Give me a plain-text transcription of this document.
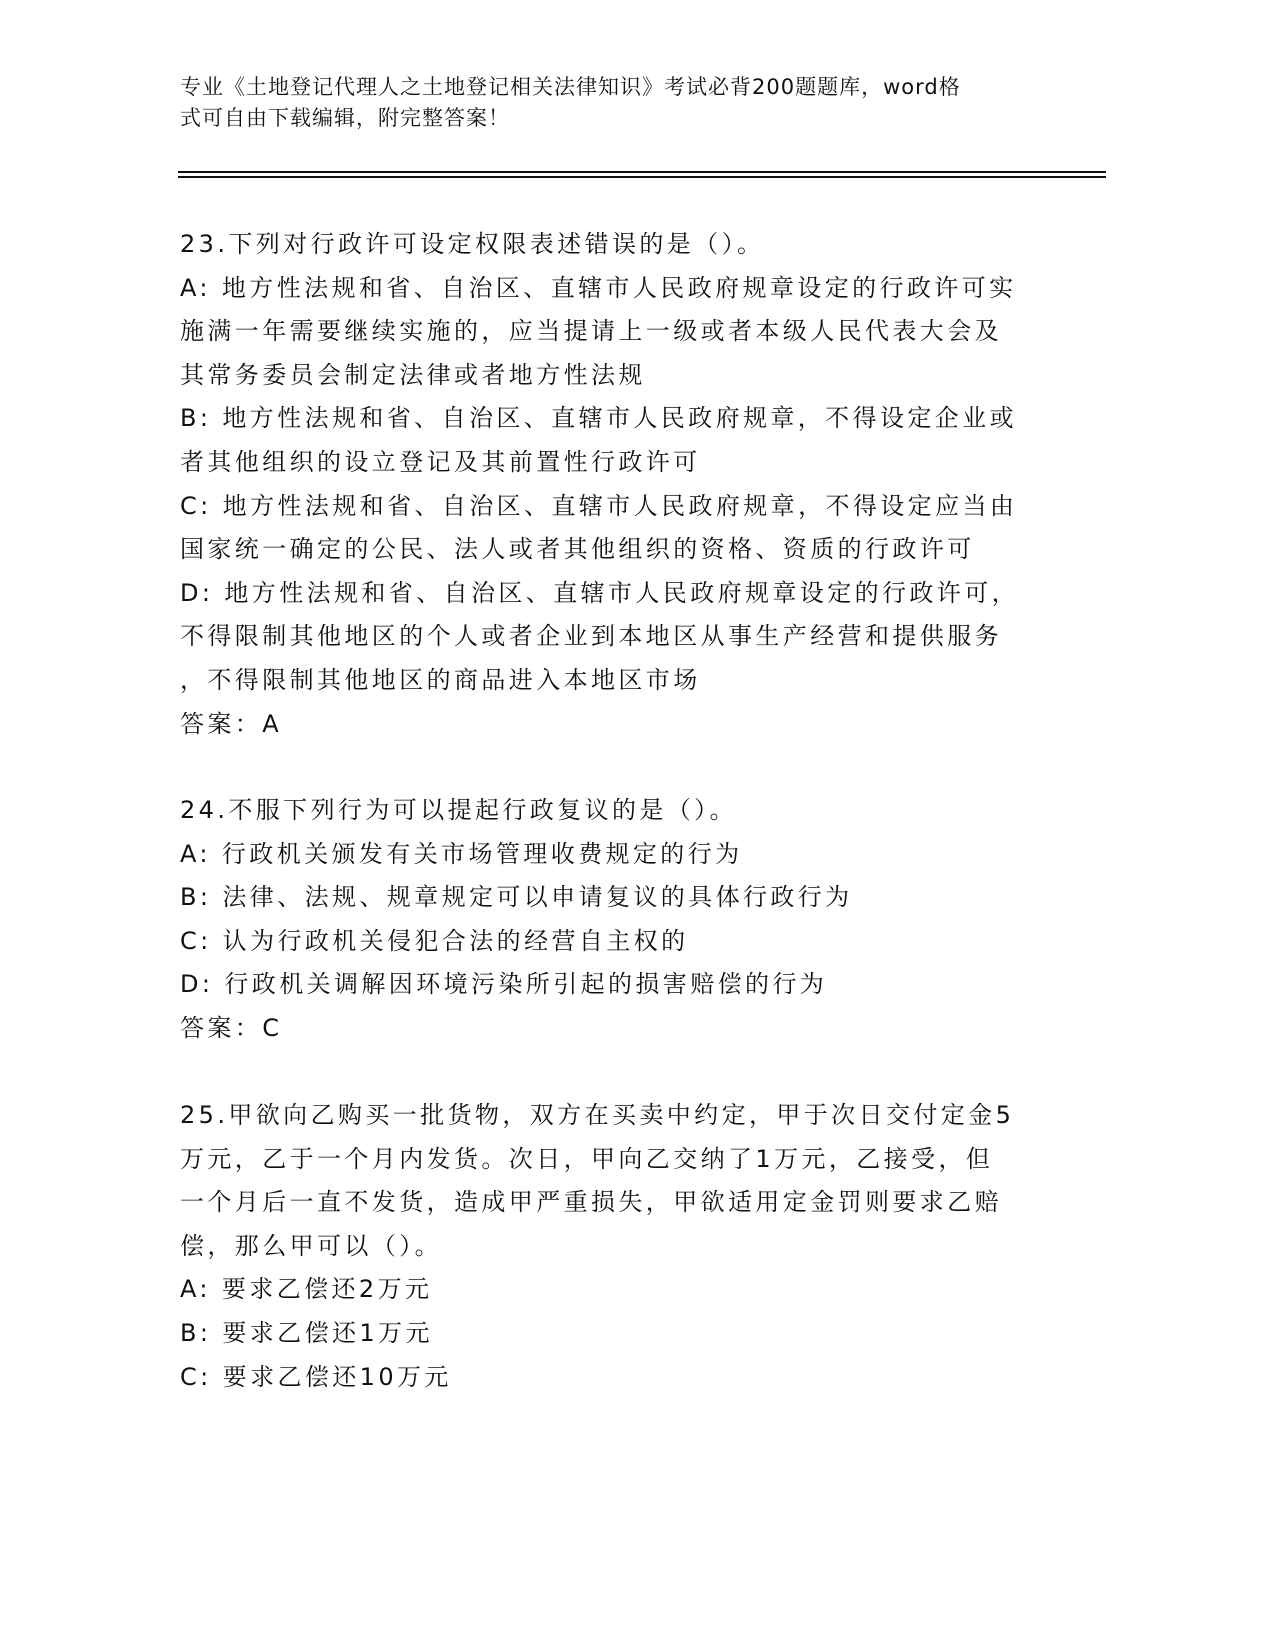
专业《土地登记代理人之土地登记相关法律知识》考试必背200题题库，word格
式可自由下载编辑，附完整答案！
23.下列对行政许可设定权限表述错误的是（）。
A: 地方性法规和省、自治区、直辖市人民政府规章设定的行政许可实
施满一年需要继续实施的，应当提请上一级或者本级人民代表大会及
其常务委员会制定法律或者地方性法规
B: 地方性法规和省、自治区、直辖市人民政府规章，不得设定企业或
者其他组织的设立登记及其前置性行政许可
C: 地方性法规和省、自治区、直辖市人民政府规章，不得设定应当由
国家统一确定的公民、法人或者其他组织的资格、资质的行政许可
D: 地方性法规和省、自治区、直辖市人民政府规章设定的行政许可，
不得限制其他地区的个人或者企业到本地区从事生产经营和提供服务
，不得限制其他地区的商品进入本地区市场
答案：A
24.不服下列行为可以提起行政复议的是（）。
A: 行政机关颁发有关市场管理收费规定的行为
B: 法律、法规、规章规定可以申请复议的具体行政行为
C: 认为行政机关侵犯合法的经营自主权的
D: 行政机关调解因环境污染所引起的损害赔偿的行为
答案：C
25.甲欲向乙购买一批货物，双方在买卖中约定，甲于次日交付定金5
万元，乙于一个月内发货。次日，甲向乙交纳了1万元，乙接受，但
一个月后一直不发货，造成甲严重损失，甲欲适用定金罚则要求乙赔
偿，那么甲可以（）。
A: 要求乙偿还2万元
B: 要求乙偿还1万元
C: 要求乙偿还10万元
